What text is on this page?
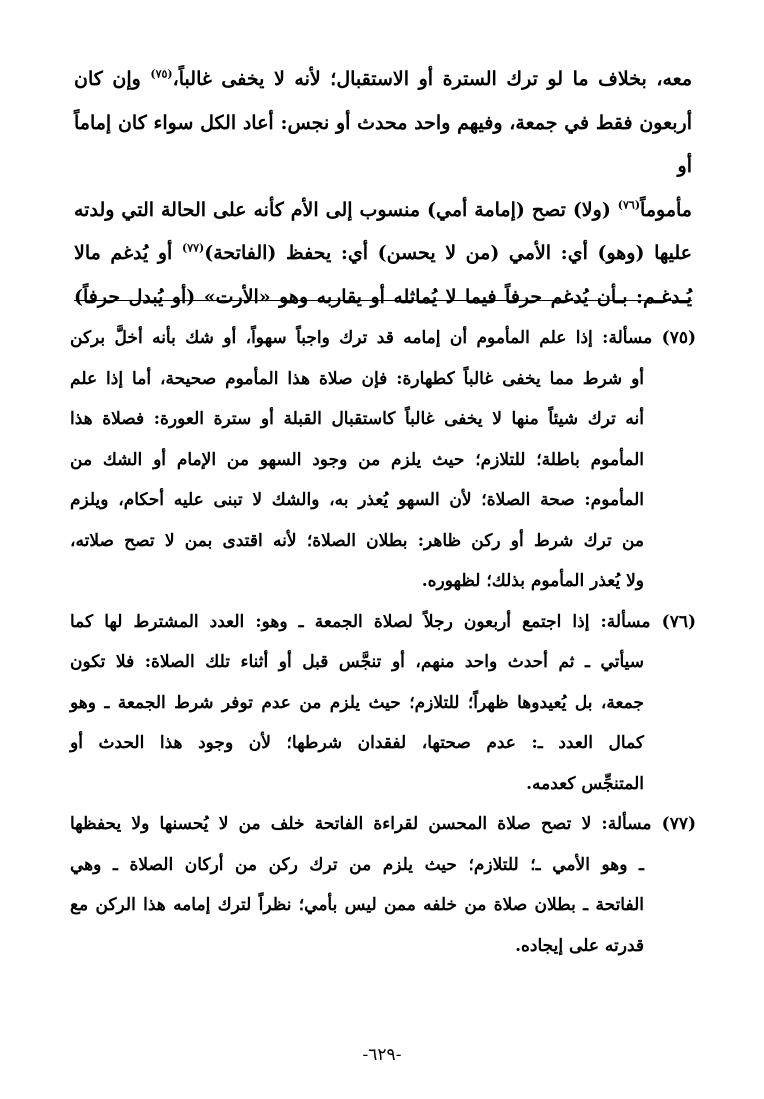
معه، بخلاف ما لو ترك السترة أو الاستقبال؛ لأنه لا يخفى غالباً،$^{(٧٥)}$ وإن كان
أربعون فقط في جمعة، وفيهم واحد محدث أو نجس: أعاد الكل سواء كان إماماً أو
مأموماً$^{(٧٦)}$ (ولا) تصح (إمامة أمي) منسوب إلى الأم كأنه على الحالة التي ولدته
عليها (وهو) أي: الأمي (من لا يحسن) أي: يحفظ (الفاتحة)$^{(٧٧)}$ أو يُدغم مالا
يُـدغـم: بـأن يُدغم حرفاً فيما لا يُماثله أو يقاربه وهو «الأرت» (أو يُبدل حرفاً)
(٧٥) مسألة: إذا علم المأموم أن إمامه قد ترك واجباً سهواً، أو شك بأنه أخلَّ بركن
أو شرط مما يخفى غالباً كطهارة: فإن صلاة هذا المأموم صحيحة، أما إذا علم
أنه ترك شيئاً منها لا يخفى غالباً كاستقبال القبلة أو سترة العورة: فصلاة هذا
المأموم باطلة؛ للتلازم؛ حيث يلزم من وجود السهو من الإمام أو الشك من
المأموم: صحة الصلاة؛ لأن السهو يُعذر به، والشك لا تبنى عليه أحكام، ويلزم
من ترك شرط أو ركن ظاهر: بطلان الصلاة؛ لأنه اقتدى بمن لا تصح صلاته،
ولا يُعذر المأموم بذلك؛ لظهوره.
(٧٦) مسألة: إذا اجتمع أربعون رجلاً لصلاة الجمعة ـ وهو: العدد المشترط لها كما
سيأتي ـ ثم أحدث واحد منهم، أو تنجَّس قبل أو أثناء تلك الصلاة: فلا تكون
جمعة، بل يُعيدوها ظهراً؛ للتلازم؛ حيث يلزم من عدم توفر شرط الجمعة ـ وهو
كمال العدد ـ: عدم صحتها، لفقدان شرطها؛ لأن وجود هذا الحدث أو
المتنجِّس كعدمه.
(٧٧) مسألة: لا تصح صلاة المحسن لقراءة الفاتحة خلف من لا يُحسنها ولا يحفظها
ـ وهو الأمي ـ؛ للتلازم؛ حيث يلزم من ترك ركن من أركان الصلاة ـ وهي
الفاتحة ـ بطلان صلاة من خلفه ممن ليس بأمي؛ نظراً لترك إمامه هذا الركن مع
قدرته على إيجاده.
-٦٢٩-
